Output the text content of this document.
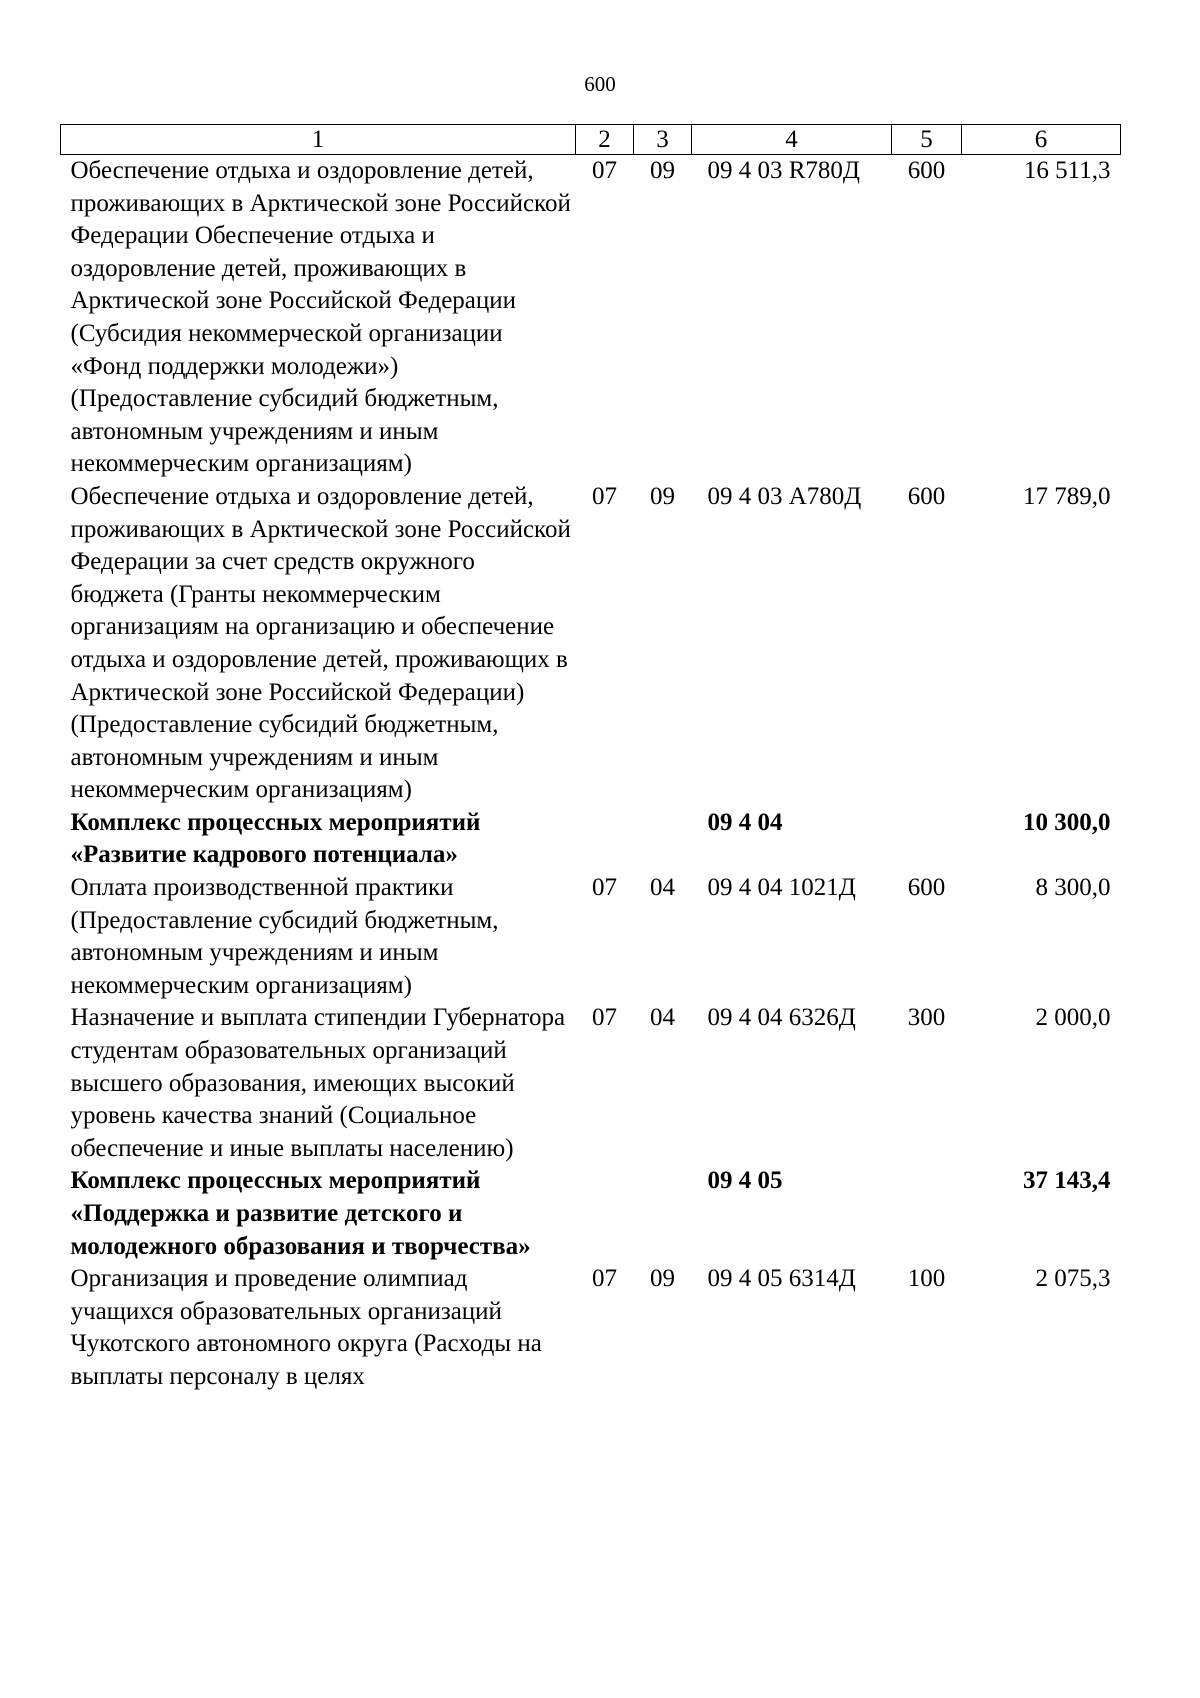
600
1	2	3	4	5	6
Обеспечение отдыха и оздоровление детей, проживающих в Арктической зоне Российской Федерации Обеспечение отдыха и оздоровление детей, проживающих в Арктической зоне Российской Федерации (Субсидия некоммерческой организации «Фонд поддержки молодежи») (Предоставление субсидий бюджетным, автономным учреждениям и иным некоммерческим организациям)	07	09	09 4 03 R780Д	600	16 511,3
Обеспечение отдыха и оздоровление детей, проживающих в Арктической зоне Российской Федерации за счет средств окружного бюджета (Гранты некоммерческим организациям на организацию и обеспечение отдыха и оздоровление детей, проживающих в Арктической зоне Российской Федерации) (Предоставление субсидий бюджетным, автономным учреждениям и иным некоммерческим организациям)	07	09	09 4 03 А780Д	600	17 789,0
Комплекс процессных мероприятий «Развитие кадрового потенциала»			09 4 04		10 300,0
Оплата производственной практики (Предоставление субсидий бюджетным, автономным учреждениям и иным некоммерческим организациям)	07	04	09 4 04 1021Д	600	8 300,0
Назначение и выплата стипендии Губернатора студентам образовательных организаций высшего образования, имеющих высокий уровень качества знаний (Социальное обеспечение и иные выплаты населению)	07	04	09 4 04 6326Д	300	2 000,0
Комплекс процессных мероприятий «Поддержка и развитие детского и молодежного образования и творчества»			09 4 05		37 143,4
Организация и проведение олимпиад учащихся образовательных организаций Чукотского автономного округа (Расходы на выплаты персоналу в целях	07	09	09 4 05 6314Д	100	2 075,3
